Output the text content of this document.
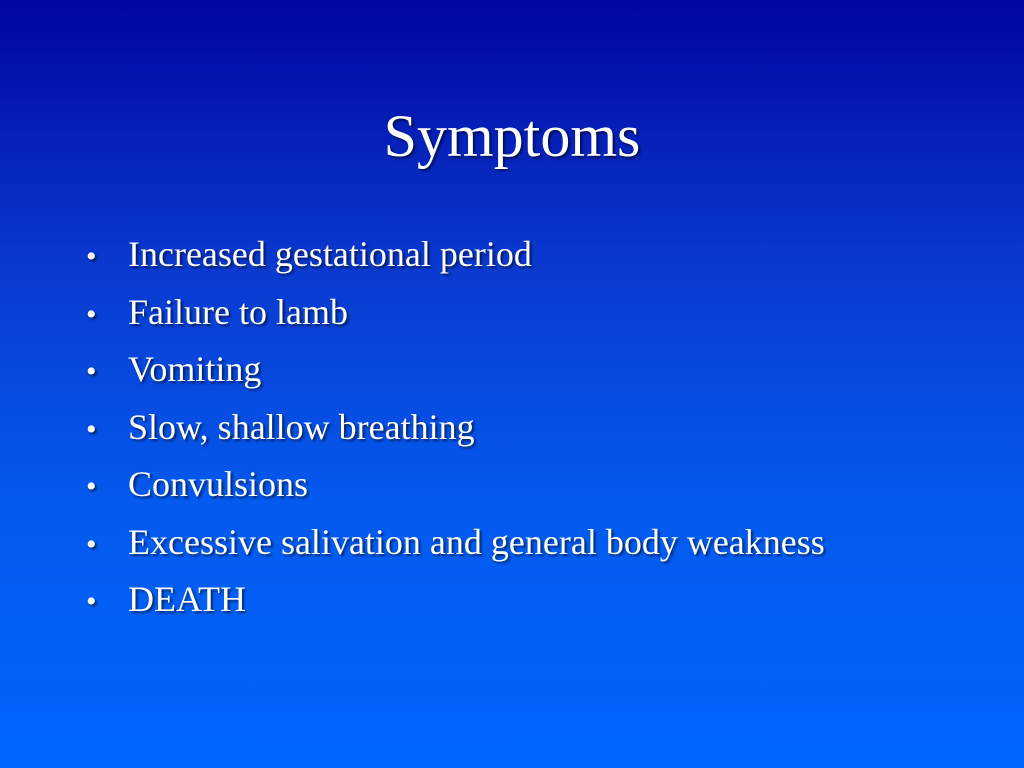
Symptoms
• Increased gestational period
• Failure to lamb
• Vomiting
• Slow, shallow breathing
• Convulsions
• Excessive salivation and general body weakness
• DEATH
